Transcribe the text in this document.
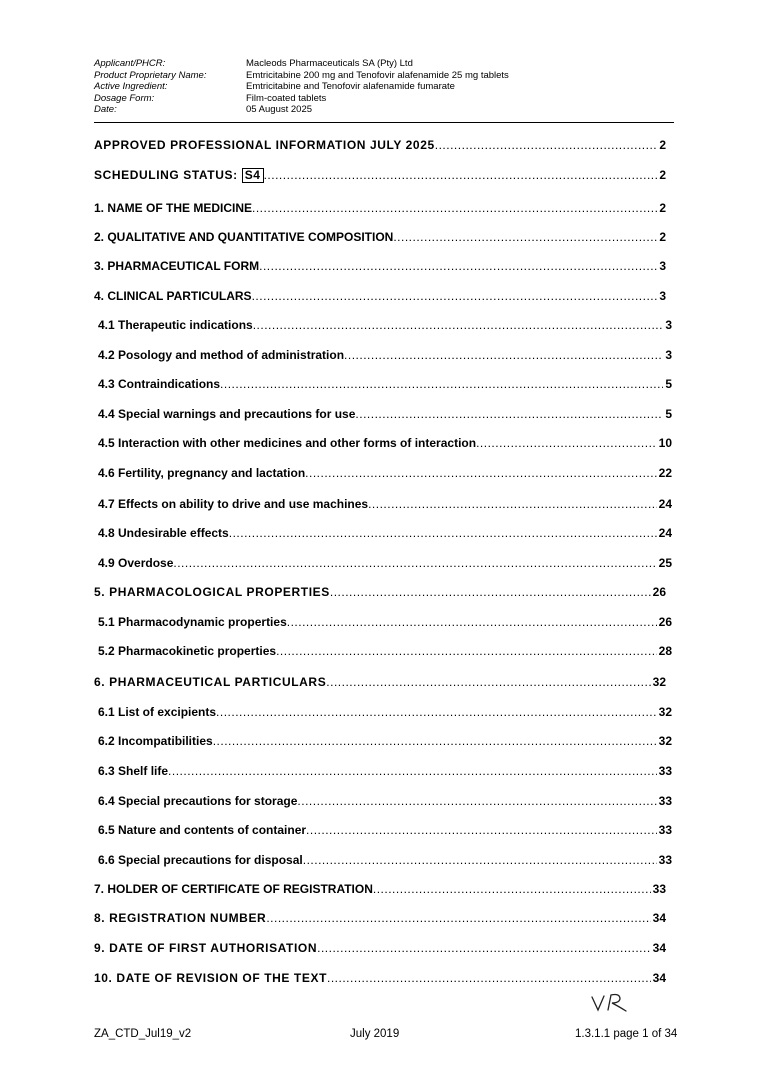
Applicant/PHCR:	Macleods Pharmaceuticals SA (Pty) Ltd
Product Proprietary Name:	Emtricitabine 200 mg and Tenofovir alafenamide 25 mg tablets
Active Ingredient:	Emtricitabine and Tenofovir alafenamide fumarate
Dosage Form:	Film-coated tablets
Date:	05 August 2025
APPROVED PROFESSIONAL INFORMATION JULY 2025 .....	2
SCHEDULING STATUS: S4 .....	2
1. NAME OF THE MEDICINE .....	2
2. QUALITATIVE AND QUANTITATIVE COMPOSITION .....	2
3. PHARMACEUTICAL FORM .....	3
4. CLINICAL PARTICULARS .....	3
4.1 Therapeutic indications .....	3
4.2 Posology and method of administration .....	3
4.3 Contraindications .....	5
4.4 Special warnings and precautions for use .....	5
4.5 Interaction with other medicines and other forms of interaction .....	10
4.6 Fertility, pregnancy and lactation .....	22
4.7 Effects on ability to drive and use machines .....	24
4.8 Undesirable effects .....	24
4.9 Overdose .....	25
5. PHARMACOLOGICAL PROPERTIES .....	26
5.1 Pharmacodynamic properties .....	26
5.2 Pharmacokinetic properties .....	28
6. PHARMACEUTICAL PARTICULARS .....	32
6.1 List of excipients .....	32
6.2 Incompatibilities .....	32
6.3 Shelf life .....	33
6.4 Special precautions for storage .....	33
6.5 Nature and contents of container .....	33
6.6 Special precautions for disposal .....	33
7. HOLDER OF CERTIFICATE OF REGISTRATION .....	33
8. REGISTRATION NUMBER .....	34
9. DATE OF FIRST AUTHORISATION .....	34
10. DATE OF REVISION OF THE TEXT .....	34
ZA_CTD_Jul19_v2	July 2019	1.3.1.1 page 1 of 34
